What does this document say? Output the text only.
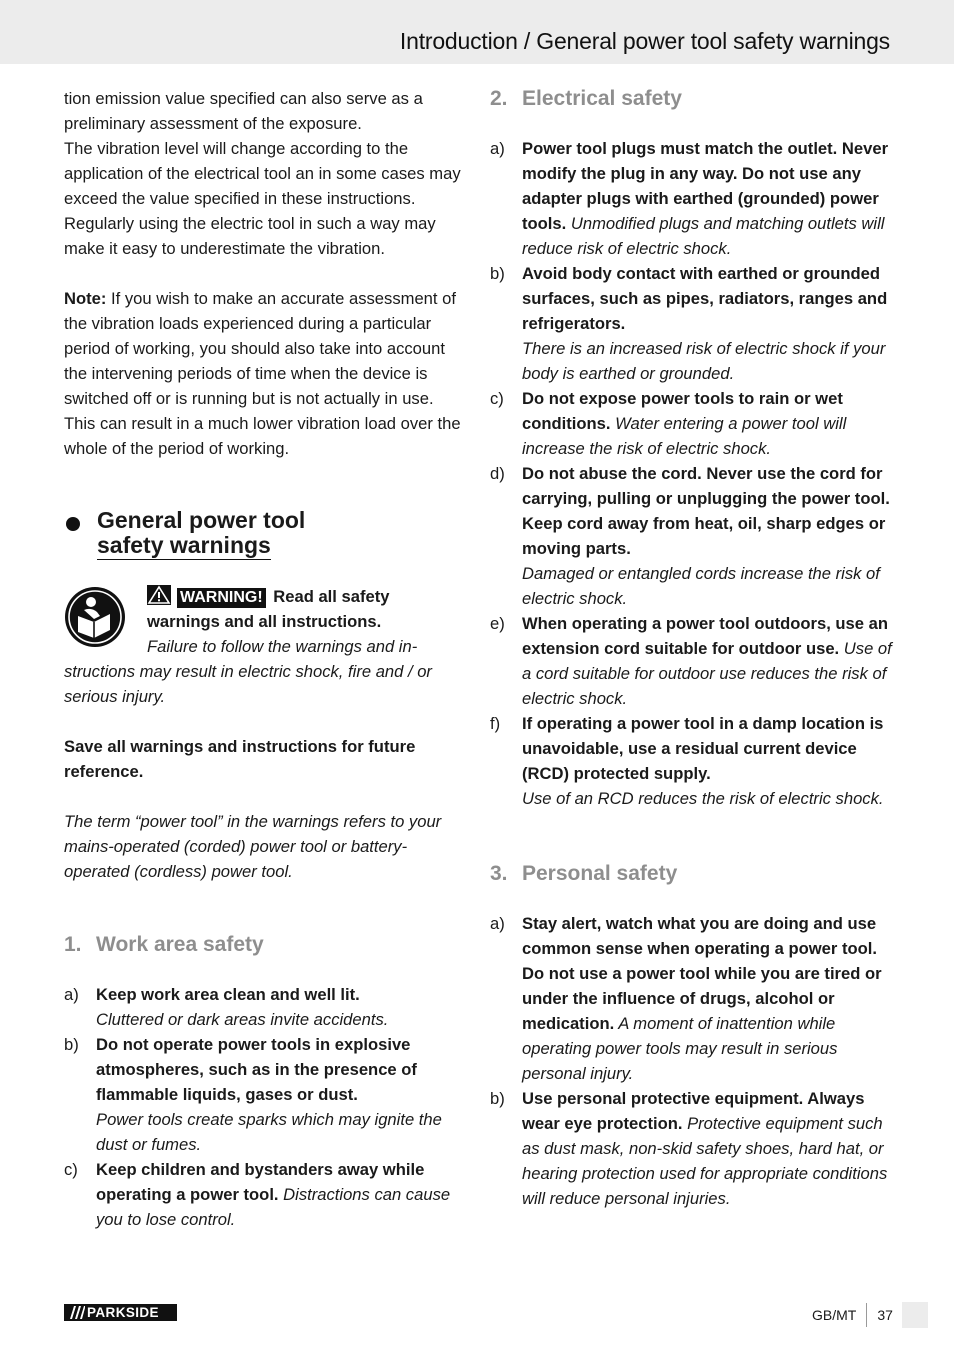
Introduction / General power tool safety warnings

tion emission value specified can also serve as a preliminary assessment of the exposure.

The vibration level will change according to the application of the electrical tool an in some cases may exceed the value specified in these instructions. Regularly using the electric tool in such a way may make it easy to underestimate the vibration.

Note: If you wish to make an accurate assessment of the vibration loads experienced during a particular period of working, you should also take into account the intervening periods of time when the device is switched off or is running but is not actually in use. This can result in a much lower vibration load over the whole of the period of working.

General power tool
safety warnings
WARNING! Read all safety
warnings and all instructions.
Failure to follow the warnings and in-

structions may result in electric shock, fire and / or serious injury.

Save all warnings and instructions for future reference.

The term “power tool” in the warnings refers to your mains-operated (corded) power tool or battery-operated (cordless) power tool.

1. Work area safety
a)	Keep work area clean and well lit.
Cluttered or dark areas invite accidents.
b)	Do not operate power tools in explosive atmospheres, such as in the presence of flammable liquids, gases or dust.
Power tools create sparks which may ignite the dust or fumes.
c)	Keep children and bystanders away while operating a power tool. Distractions can cause you to lose control.
2. Electrical safety
a)	Power tool plugs must match the outlet. Never modify the plug in any way. Do not use any adapter plugs with earthed (grounded) power tools. Unmodified plugs and matching outlets will reduce risk of electric shock.
b)	Avoid body contact with earthed or grounded surfaces, such as pipes, radiators, ranges and refrigerators.
There is an increased risk of electric shock if your body is earthed or grounded.
c)	Do not expose power tools to rain or wet conditions. Water entering a power tool will increase the risk of electric shock.
d)	Do not abuse the cord. Never use the cord for carrying, pulling or unplugging the power tool. Keep cord away from heat, oil, sharp edges or moving parts.
Damaged or entangled cords increase the risk of electric shock.
e)	When operating a power tool outdoors, use an extension cord suitable for outdoor use. Use of a cord suitable for outdoor use reduces the risk of electric shock.
f)	If operating a power tool in a damp location is unavoidable, use a residual current device (RCD) protected supply.
Use of an RCD reduces the risk of electric shock.
3. Personal safety
a)	Stay alert, watch what you are doing and use common sense when operating a power tool. Do not use a power tool while you are tired or under the influence of drugs, alcohol or medication. A moment of inattention while operating power tools may result in serious personal injury.
b)	Use personal protective equipment. Always wear eye protection. Protective equipment such as dust mask, non-skid safety shoes, hard hat, or hearing protection used for appropriate conditions will reduce personal injuries.
PARKSIDE	GB/MT 37
